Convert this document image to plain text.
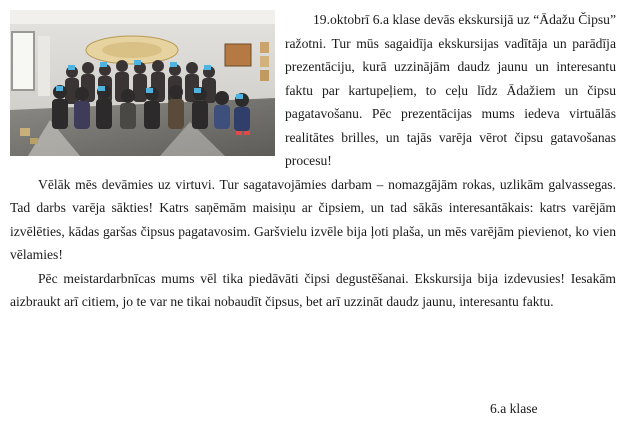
19.oktobrī 6.a klase devās ekskursijā uz “Ādažu Čipsu” ražotni. Tur mūs sagaidīja ekskursijas vadītāja un parādīja prezentāciju, kurā uzzinājām daudz jaunu un interesantu faktu par kartupeļiem, to ceļu līdz Ādažiem un čipsu pagatavošanu. Pēc prezentācijas mums iedeva virtuālās realitātes brilles, un tajās varēja vērot čipsu gatavošanas procesu!

Vēlāk mēs devāmies uz virtuvi. Tur sagatavojāmies darbam – nomazgājām rokas, uzlikām galvassegas. Tad darbs varēja sākties! Katrs saņēmām maisiņu ar čipsiem, un tad sākās interesantākais: katrs varējām izvēlēties, kādas garšas čipsus pagatavosim. Garšvielu izvēle bija ļoti plaša, un mēs varējām pievienot, ko vien vēlamies!

Pēc meistardarbnīcas mums vēl tika piedāvāti čipsi degustēšanai. Ekskursija bija izdevusies! Iesakām aizbraukt arī citiem, jo te var ne tikai nobaudīt čipsus, bet arī uzzināt daudz jaunu, interesantu faktu.

6.a klase
